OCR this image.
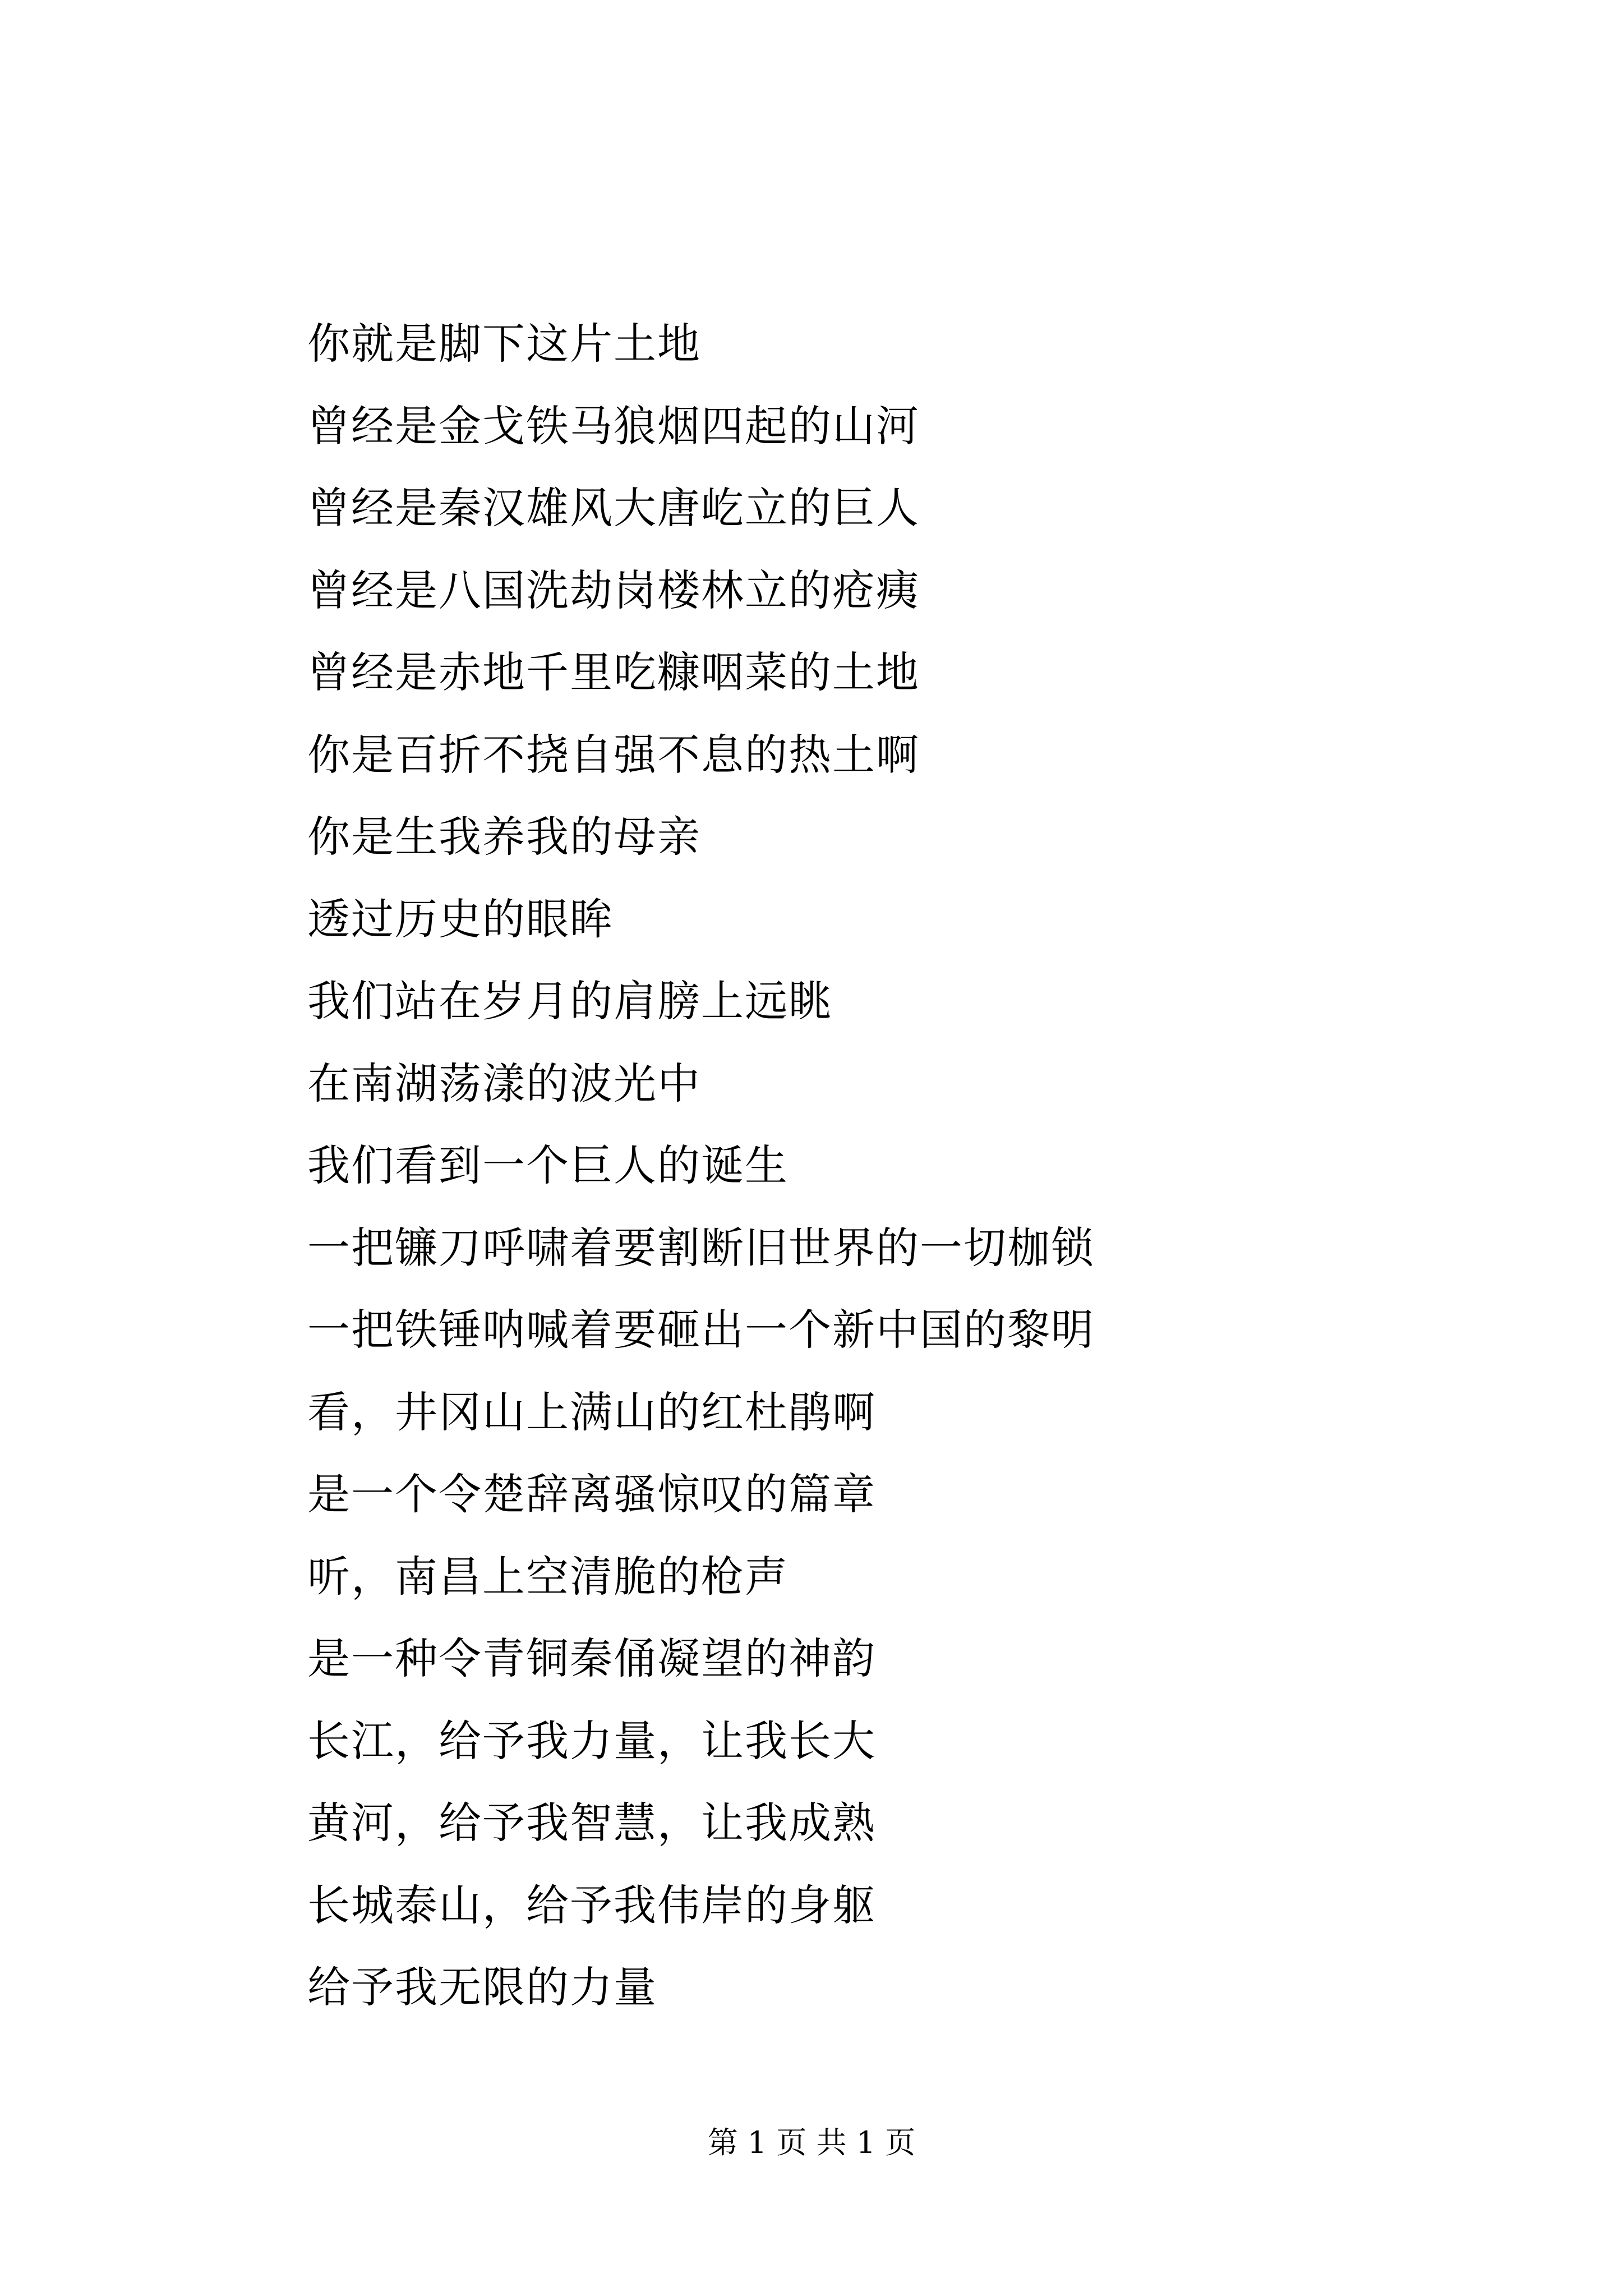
你就是脚下这片土地
曾经是金戈铁马狼烟四起的山河
曾经是秦汉雄风大唐屹立的巨人
曾经是八国洗劫岗楼林立的疮痍
曾经是赤地千里吃糠咽菜的土地
你是百折不挠自强不息的热土啊
你是生我养我的母亲
透过历史的眼眸
我们站在岁月的肩膀上远眺
在南湖荡漾的波光中
我们看到一个巨人的诞生
一把镰刀呼啸着要割断旧世界的一切枷锁
一把铁锤呐喊着要砸出一个新中国的黎明
看，井冈山上满山的红杜鹃啊
是一个令楚辞离骚惊叹的篇章
听，南昌上空清脆的枪声
是一种令青铜秦俑凝望的神韵
长江，给予我力量，让我长大
黄河，给予我智慧，让我成熟
长城泰山，给予我伟岸的身躯
给予我无限的力量
第 1 页 共 1 页
